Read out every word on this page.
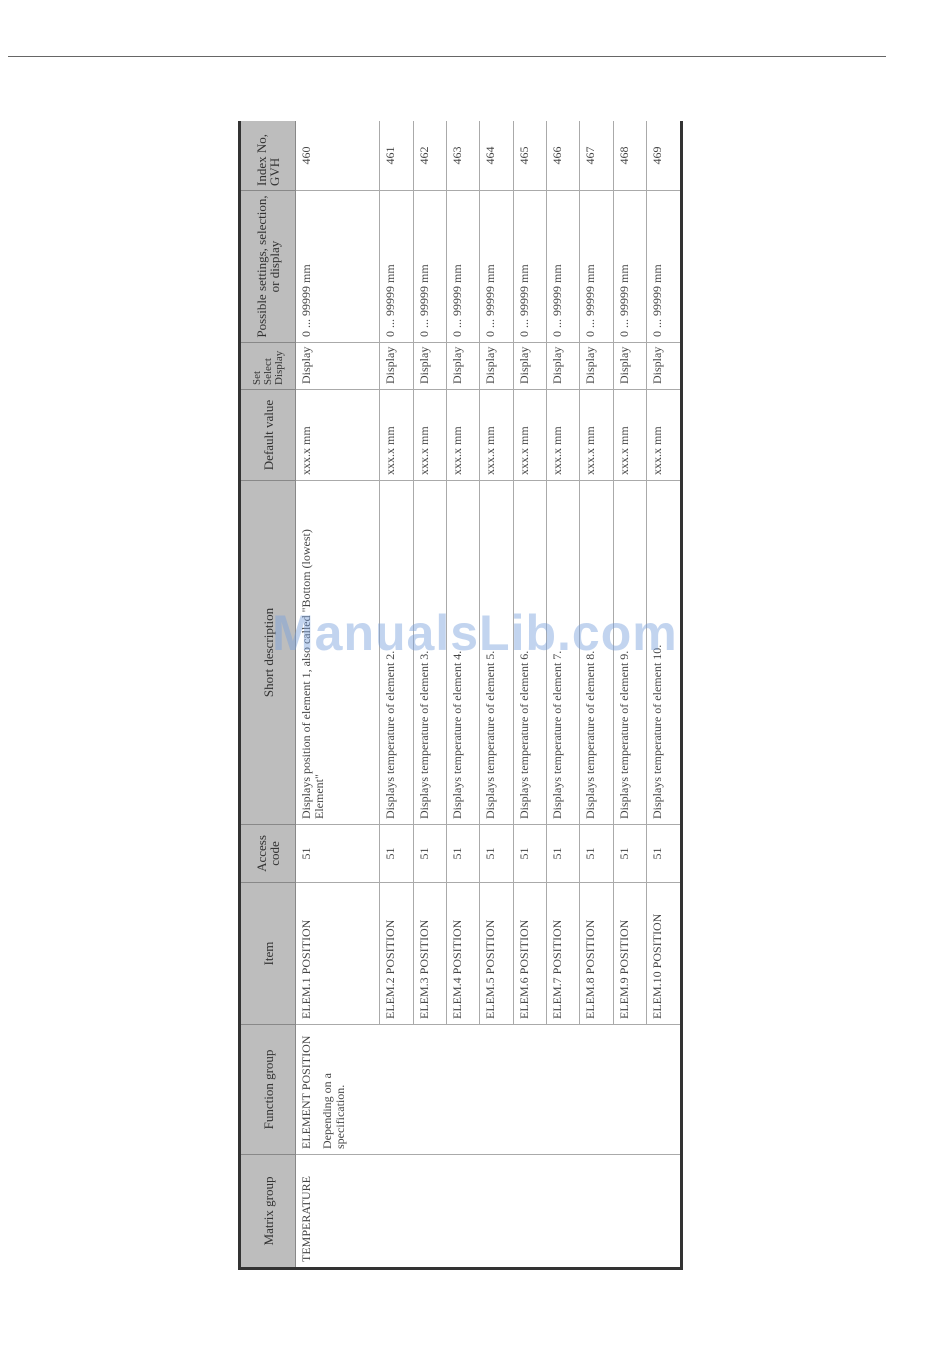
Matrix group	Function group	Item	Access code	Short description	Default value	Set Select Display	Possible settings, selection, or display	Index No, GVH
TEMPERATURE	ELEMENT POSITION Depending on a specification.	ELEM.1 POSITION	51	Displays position of element 1, also called "Bottom (lowest) Element"	xxx.x mm	Display	0 ... 99999 mm	460
		ELEM.2 POSITION	51	Displays temperature of element 2.	xxx.x mm	Display	0 ... 99999 mm	461
		ELEM.3 POSITION	51	Displays temperature of element 3.	xxx.x mm	Display	0 ... 99999 mm	462
		ELEM.4 POSITION	51	Displays temperature of element 4.	xxx.x mm	Display	0 ... 99999 mm	463
		ELEM.5 POSITION	51	Displays temperature of element 5.	xxx.x mm	Display	0 ... 99999 mm	464
		ELEM.6 POSITION	51	Displays temperature of element 6.	xxx.x mm	Display	0 ... 99999 mm	465
		ELEM.7 POSITION	51	Displays temperature of element 7.	xxx.x mm	Display	0 ... 99999 mm	466
		ELEM.8 POSITION	51	Displays temperature of element 8.	xxx.x mm	Display	0 ... 99999 mm	467
		ELEM.9 POSITION	51	Displays temperature of element 9.	xxx.x mm	Display	0 ... 99999 mm	468
		ELEM.10 POSITION	51	Displays temperature of element 10.	xxx.x mm	Display	0 ... 99999 mm	469
ManualsLib.com
